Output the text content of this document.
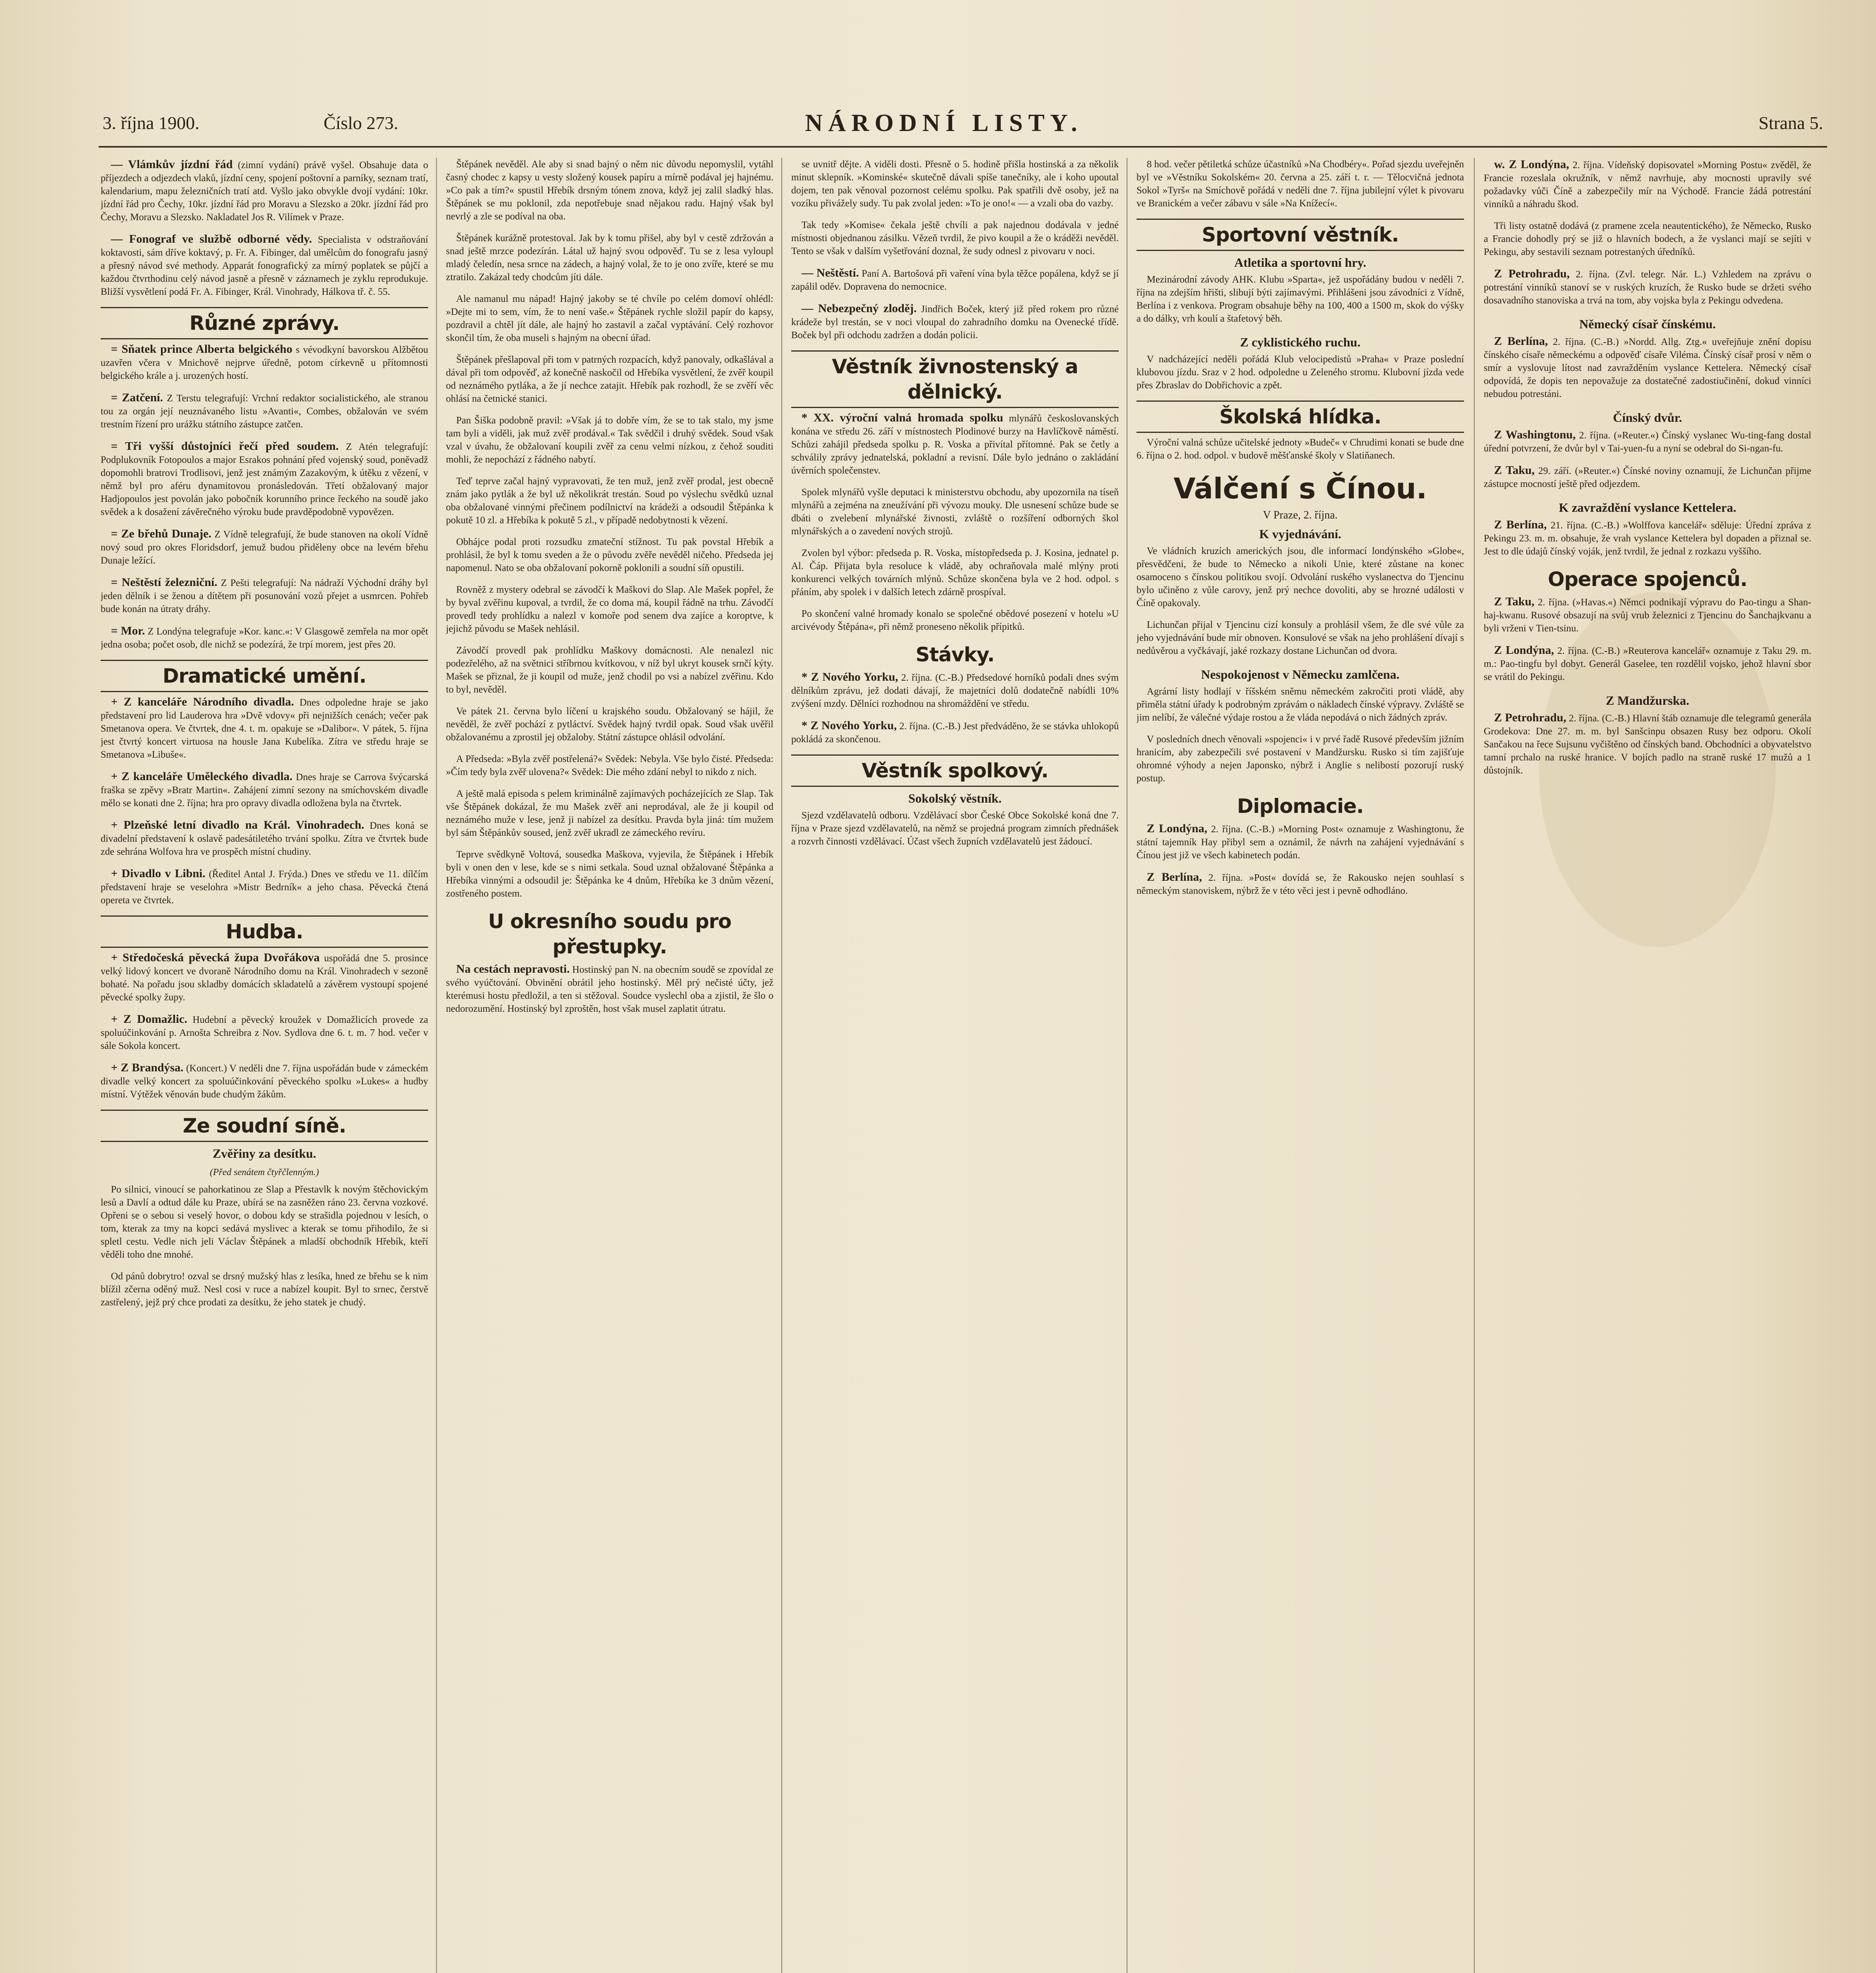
3. října 1900.	Číslo 273.	NÁRODNÍ LISTY.	Strana 5.

— Vlámkův jízdní řád (zimní vydání) právě vyšel. Obsahuje data o příjezdech a odjezdech vlaků, jízdní ceny, spojení poštovní a parníky, seznam tratí, kalendarium, mapu železničních tratí atd. Vyšlo jako obvykle dvojí vydání: 10kr. jízdní řád pro Čechy, 10kr. jízdní řád pro Moravu a Slezsko a 20kr. jízdní řád pro Čechy, Moravu a Slezsko. Nakladatel Jos R. Vilímek v Praze.

— Fonograf ve službě odborné vědy. Specialista v odstraňování koktavosti, sám dříve koktavý, p. Fr. A. Fibinger, dal umělcům do fonografu jasný a přesný návod své methody. Apparát fonografický za mírný poplatek se půjčí a každou čtvrthodinu celý návod jasně a přesně v záznamech je zyklu reprodukuje. Bližší vysvětlení podá Fr. A. Fibinger, Král. Vinohrady, Hálkova tř. č. 55.

Různé zprávy.

= Sňatek prince Alberta belgického s vévodkyní bavorskou Alžbětou uzavřen včera v Mnichově nejprve úředně, potom církevně u přítomnosti belgického krále a j. urozených hostí.

= Zatčení. Z Terstu telegrafují: Vrchní redaktor socialistického, ale stranou tou za orgán její neuznávaného listu »Avanti«, Combes, obžalován ve svém trestním řízení pro urážku státního zástupce zatčen.

= Tři vyšší důstojníci řečí před soudem. Z Atén telegrafují: Podplukovník Fotopoulos a major Esrakos pohnání před vojenský soud, poněvadž dopomohli bratrovi Trodlisovi, jenž jest známým Zazakovým, k útěku z vězení, v němž byl pro aféru dynamitovou pronásledován. Třetí obžalovaný major Hadjopoulos jest povolán jako pobočník korunního prince řeckého na soudě jako svědek a k dosažení závěrečného výroku bude pravděpodobně vypovězen.

= Ze břehů Dunaje. Z Vídně telegrafují, že bude stanoven na okolí Vídně nový soud pro okres Floridsdorf, jemuž budou přiděleny obce na levém břehu Dunaje ležící.

= Neštěstí železniční. Z Pešti telegrafují: Na nádraží Východní dráhy byl jeden dělník i se ženou a dítětem při posunování vozů přejet a usmrcen. Pohřeb bude konán na útraty dráhy.

= Mor. Z Londýna telegrafuje »Kor. kanc.«: V Glasgowě zemřela na mor opět jedna osoba; počet osob, dle nichž se podezírá, že trpí morem, jest přes 20.

Dramatické umění.

+ Z kanceláře Národního divadla. Dnes odpoledne hraje se jako představení pro lid Lauderova hra »Dvě vdovy« při nejnižších cenách; večer pak Smetanova opera. Ve čtvrtek, dne 4. t. m. opakuje se »Dalibor«. V pátek, 5. října jest čtvrtý koncert virtuosa na housle Jana Kubelíka. Zítra ve středu hraje se Smetanova »Libuše«.

+ Z kanceláře Uměleckého divadla. Dnes hraje se Carrova švýcarská fraška se zpěvy »Bratr Martin«. Zahájení zimní sezony na smíchovském divadle mělo se konati dne 2. října; hra pro opravy divadla odložena byla na čtvrtek.

+ Plzeňské letní divadlo na Král. Vinohradech. Dnes koná se divadelní představení k oslavě padesátiletého trvání spolku. Zítra ve čtvrtek bude zde sehrána Wolfova hra ve prospěch místní chudiny.

+ Divadlo v Libni. (Ředitel Antal J. Frýda.) Dnes ve středu ve 11. dílčím představení hraje se veselohra »Mistr Bedrník« a jeho chasa. Pěvecká čtená opereta ve čtvrtek.

Hudba.

+ Středočeská pěvecká župa Dvořákova uspořádá dne 5. prosince velký lidový koncert ve dvoraně Národního domu na Král. Vinohradech v sezoně bohaté. Na pořadu jsou skladby domácích skladatelů a závěrem vystoupí spojené pěvecké spolky župy.

+ Z Domažlic. Hudební a pěvecký kroužek v Domažlicích provede za spoluúčinkování p. Arnošta Schreibra z Nov. Sydlova dne 6. t. m. 7 hod. večer v sále Sokola koncert.

+ Z Brandýsa. (Koncert.) V neděli dne 7. října uspořádán bude v zámeckém divadle velký koncert za spoluúčinkování pěveckého spolku »Lukes« a hudby místní. Výtěžek věnován bude chudým žákům.

Ze soudní síně.
Zvěřiny za desítku.
(Před senátem čtyřčlenným.)

Po silnici, vinoucí se pahorkatinou ze Slap a Přestavlk k novým štěchovickým lesů a Davlí a odtud dále ku Praze, ubírá se na zasněžen ráno 23. června vozkové. Opřeni se o sebou si veselý hovor, o dobou kdy se strašidla pojednou v lesích, o tom, kterak za tmy na kopci sedává myslivec a kterak se tomu přihodilo, že si spletl cestu. Vedle nich jeli Václav Štěpánek a mladší obchodník Hřebík, kteří věděli toho dne mnohé.

Od pánů dobrytro! ozval se drsný mužský hlas z lesíka, hned ze břehu se k nim blížil zčerna oděný muž. Nesl cosi v ruce a nabízel koupit. Byl to srnec, čerstvě zastřelený, jejž prý chce prodati za desítku, že jeho statek je chudý.

Štěpánek nevěděl. Ale aby si snad bajný o něm nic důvodu nepomyslil, vytáhl časný chodec z kapsy u vesty složený kousek papíru a mírně podával jej hajnému. »Co pak a tím?« spustil Hřebík drsným tónem znova, když jej zalil sladký hlas. Štěpánek se mu poklonil, zda nepotřebuje snad nějakou radu. Hajný však byl nevrlý a zle se podíval na oba.

Štěpánek kurážně protestoval. Jak by k tomu přišel, aby byl v cestě zdržován a snad ještě mrzce podezírán. Látal už hajný svou odpověď. Tu se z lesa vyloupl mladý čeledín, nesa srnce na zádech, a hajný volal, že to je ono zvíře, které se mu ztratilo. Zakázal tedy chodcům jíti dále.

Ale namanul mu nápad! Hajný jakoby se té chvíle po celém domoví ohlédl: »Dejte mi to sem, vím, že to není vaše.« Štěpánek rychle složil papír do kapsy, pozdravil a chtěl jít dále, ale hajný ho zastavil a začal vyptávání. Celý rozhovor skončil tím, že oba museli s hajným na obecní úřad.

Štěpánek přešlapoval při tom v patrných rozpacích, když panovaly, odkašlával a dával při tom odpověď, až konečně naskočil od Hřebíka vysvětlení, že zvěř koupil od neznámého pytláka, a že jí nechce zatajit. Hřebík pak rozhodl, že se zvěří věc ohlásí na četnické stanici.

Pan Šiška podobně pravil: »Však já to dobře vím, že se to tak stalo, my jsme tam byli a viděli, jak muž zvěř prodával.« Tak svědčil i druhý svědek. Soud však vzal v úvahu, že obžalovaní koupili zvěř za cenu velmi nízkou, z čehož souditi mohli, že nepochází z řádného nabytí.

Teď teprve začal hajný vypravovati, že ten muž, jenž zvěř prodal, jest obecně znám jako pytlák a že byl už několikrát trestán. Soud po výslechu svědků uznal oba obžalované vinnými přečinem podílnictví na krádeži a odsoudil Štěpánka k pokutě 10 zl. a Hřebíka k pokutě 5 zl., v případě nedobytnosti k vězení.

Obhájce podal proti rozsudku zmateční stížnost. Tu pak povstal Hřebík a prohlásil, že byl k tomu sveden a že o původu zvěře nevěděl ničeho. Předseda jej napomenul. Nato se oba obžalovaní pokorně poklonili a soudní síň opustili.

Rovněž z mystery odebral se závodčí k Maškovi do Slap. Ale Mašek popřel, že by byval zvěřinu kupoval, a tvrdil, že co doma má, koupil řádně na trhu. Závodčí provedl tedy prohlídku a nalezl v komoře pod senem dva zajíce a koroptve, k jejichž původu se Mašek nehlásil.

Závodčí provedl pak prohlídku Maškovy domácnosti. Ale nenalezl nic podezřelého, až na světnici stříbrnou kvítkovou, v níž byl ukryt kousek srnčí kýty. Mašek se přiznal, že ji koupil od muže, jenž chodil po vsi a nabízel zvěřinu. Kdo to byl, nevěděl.

Ve pátek 21. června bylo líčení u krajského soudu. Obžalovaný se hájil, že nevěděl, že zvěř pochází z pytláctví. Svědek hajný tvrdil opak. Soud však uvěřil obžalovanému a zprostil jej obžaloby. Státní zástupce ohlásil odvolání.

A Předseda: »Byla zvěř postřelená?« Svědek: Nebyla. Vše bylo čisté. Předseda: »Čím tedy byla zvěř ulovena?« Svědek: Die mého zdání nebyl to nikdo z nich.

A ještě malá episoda s pelem kriminálně zajímavých pocházejících ze Slap. Tak vše Štěpánek dokázal, že mu Mašek zvěř ani neprodával, ale že ji koupil od neznámého muže v lese, jenž ji nabízel za desítku. Pravda byla jiná: tím mužem byl sám Štěpánkův soused, jenž zvěř ukradl ze zámeckého revíru.

Teprve svědkyně Voltová, sousedka Maškova, vyjevila, že Štěpánek i Hřebík byli v onen den v lese, kde se s nimi setkala. Soud uznal obžalované Štěpánka a Hřebíka vinnými a odsoudil je: Štěpánka ke 4 dnům, Hřebíka ke 3 dnům vězení, zostřeného postem.

U okresního soudu pro přestupky.

Na cestách nepravosti. Hostinský pan N. na obecním soudě se zpovídal ze svého vyúčtování. Obvinění obrátil jeho hostinský. Měl prý nečisté účty, jež kterémusi hostu předložil, a ten si stěžoval. Soudce vyslechl oba a zjistil, že šlo o nedorozumění. Hostinský byl zproštěn, host však musel zaplatit útratu.

se uvnitř dějte. A viděli dosti. Přesně o 5. hodině přišla hostinská a za několik minut sklepník. »Kominské« skutečně dávali spíše tanečníky, ale i koho upoutal dojem, ten pak věnoval pozornost celému spolku. Pak spatřili dvě osoby, jež na vozíku přivážely sudy. Tu pak zvolal jeden: »To je ono!« — a vzali oba do vazby.

Tak tedy »Komise« čekala ještě chvíli a pak najednou dodávala v jedné místnosti objednanou zásilku. Vězeň tvrdil, že pivo koupil a že o kráděži nevěděl. Tento se však v dalším vyšetřování doznal, že sudy odnesl z pivovaru v noci.

— Neštěstí. Paní A. Bartošová při vaření vína byla těžce popálena, když se jí zapálil oděv. Dopravena do nemocnice.

— Nebezpečný zloděj. Jindřich Boček, který již před rokem pro různé krádeže byl trestán, se v noci vloupal do zahradního domku na Ovenecké třídě. Boček byl při odchodu zadržen a dodán policii.

Věstník živnostenský a dělnický.

* XX. výroční valná hromada spolku mlynářů českoslovanských konána ve středu 26. září v místnostech Plodinové burzy na Havlíčkově náměstí. Schůzi zahájil předseda spolku p. R. Voska a přivítal přítomné. Pak se četly a schválily zprávy jednatelská, pokladní a revisní. Dále bylo jednáno o zakládání úvěrních společenstev.

Spolek mlynářů vyšle deputaci k ministerstvu obchodu, aby upozornila na tíseň mlynářů a zejména na zneužívání při vývozu mouky. Dle usnesení schůze bude se dbáti o zvelebení mlynářské živnosti, zvláště o rozšíření odborných škol mlynářských a o zavedení nových strojů.

Zvolen byl výbor: předseda p. R. Voska, místopředseda p. J. Kosina, jednatel p. Al. Čáp. Přijata byla resoluce k vládě, aby ochraňovala malé mlýny proti konkurenci velkých továrních mlýnů. Schůze skončena byla ve 2 hod. odpol. s přáním, aby spolek i v dalších letech zdárně prospíval.

Po skončení valné hromady konalo se společné obědové posezení v hotelu »U arcivévody Štěpána«, při němž proneseno několik přípitků.

Stávky.

* Z Nového Yorku, 2. října. (C.-B.) Předsedové horníků podali dnes svým dělníkům zprávu, jež dodati dávají, že majetníci dolů dodatečně nabídli 10% zvýšení mzdy. Dělníci rozhodnou na shromáždění ve středu.

* Z Nového Yorku, 2. října. (C.-B.) Jest předváděno, že se stávka uhlokopů pokládá za skončenou.

Věstník spolkový.
Sokolský věstník.

Sjezd vzdělavatelů odboru. Vzdělávací sbor České Obce Sokolské koná dne 7. října v Praze sjezd vzdělavatelů, na němž se projedná program zimních přednášek a rozvrh činnosti vzdělávací. Účast všech župních vzdělavatelů jest žádoucí.

8 hod. večer pětiletká schůze účastníků »Na Chodbéry«. Pořad sjezdu uveřejněn byl ve »Věstníku Sokolském« 20. června a 25. září t. r. — Tělocvičná jednota Sokol »Tyrš« na Smíchově pořádá v neděli dne 7. října jubilejní výlet k pivovaru ve Branickém a večer zábavu v sále »Na Knížecí«.

Sportovní věstník.
Atletika a sportovní hry.

Mezinárodní závody AHK. Klubu »Sparta«, jež uspořádány budou v neděli 7. října na zdejším hřišti, slibují býti zajímavými. Přihlášeni jsou závodníci z Vídně, Berlína i z venkova. Program obsahuje běhy na 100, 400 a 1500 m, skok do výšky a do dálky, vrh koulí a štafetový běh.

Z cyklistického ruchu.

V nadcházející neděli pořádá Klub velocipedistů »Praha« v Praze poslední klubovou jízdu. Sraz v 2 hod. odpoledne u Zeleného stromu. Klubovní jízda vede přes Zbraslav do Dobřichovic a zpět.

Školská hlídka.

Výroční valná schůze učitelské jednoty »Budeč« v Chrudimi konati se bude dne 6. října o 2. hod. odpol. v budově měšťanské školy v Slatiňanech.

Válčení s Čínou.
V Praze, 2. října.
K vyjednávání.

Ve vládních kruzích amerických jsou, dle informací londýnského »Globe«, přesvědčeni, že bude to Německo a nikoli Unie, které zůstane na konec osamoceno s čínskou politikou svojí. Odvolání ruského vyslanectva do Tjencinu bylo učiněno z vůle carovy, jenž prý nechce dovoliti, aby se hrozné události v Číně opakovaly.

Lichunčan přijal v Tjencinu cizí konsuly a prohlásil všem, že dle své vůle za jeho vyjednávání bude mír obnoven. Konsulové se však na jeho prohlášení dívají s nedůvěrou a vyčkávají, jaké rozkazy dostane Lichunčan od dvora.

Nespokojenost v Německu zamlčena.

Agrární listy hodlají v říšském sněmu německém zakročiti proti vládě, aby přiměla státní úřady k podrobným zprávám o nákladech čínské výpravy. Zvláště se jim nelíbí, že válečné výdaje rostou a že vláda nepodává o nich žádných zpráv.

V posledních dnech věnovali »spojenci« i v prvé řadě Rusové především jižním hranicím, aby zabezpečili své postavení v Mandžursku. Rusko si tím zajišťuje ohromné výhody a nejen Japonsko, nýbrž i Anglie s nelibostí pozorují ruský postup.

Diplomacie.

Z Londýna, 2. října. (C.-B.) »Morning Post« oznamuje z Washingtonu, že státní tajemník Hay přibyl sem a oznámil, že návrh na zahájení vyjednávání s Čínou jest již ve všech kabinetech podán.

Z Berlína, 2. října. »Post« dovídá se, že Rakousko nejen souhlasí s německým stanoviskem, nýbrž že v této věci jest i pevně odhodláno.

w. Z Londýna, 2. října. Vídeňský dopisovatel »Morning Postu« zvěděl, že Francie rozeslala okružník, v němž navrhuje, aby mocnosti upravily své požadavky vůči Číně a zabezpečily mír na Východě. Francie žádá potrestání vinníků a náhradu škod.

Tři listy ostatně dodává (z pramene zcela neautentického), že Německo, Rusko a Francie dohodly prý se již o hlavních bodech, a že vyslanci mají se sejíti v Pekingu, aby sestavili seznam potrestaných úředníků.

Z Petrohradu, 2. října. (Zvl. telegr. Nár. L.) Vzhledem na zprávu o potrestání vinníků stanoví se v ruských kruzích, že Rusko bude se držeti svého dosavadního stanoviska a trvá na tom, aby vojska byla z Pekingu odvedena.

Německý císař čínskému.

Z Berlína, 2. října. (C.-B.) »Nordd. Allg. Ztg.« uveřejňuje znění dopisu čínského císaře německému a odpověď císaře Viléma. Čínský císař prosí v něm o smír a vyslovuje lítost nad zavražděním vyslance Kettelera. Německý císař odpovídá, že dopis ten nepovažuje za dostatečné zadostiučinění, dokud vinníci nebudou potrestáni.

Čínský dvůr.

Z Washingtonu, 2. října. (»Reuter.«) Čínský vyslanec Wu-ting-fang dostal úřední potvrzení, že dvůr byl v Tai-yuen-fu a nyní se odebral do Si-ngan-fu.

Z Taku, 29. září. (»Reuter.«) Čínské noviny oznamují, že Lichunčan přijme zástupce mocností ještě před odjezdem.

K zavraždění vyslance Kettelera.

Z Berlína, 21. října. (C.-B.) »Wolffova kancelář« sděluje: Úřední zpráva z Pekingu 23. m. m. obsahuje, že vrah vyslance Kettelera byl dopaden a přiznal se. Jest to dle údajů čínský voják, jenž tvrdil, že jednal z rozkazu vyššího.

Operace spojenců.

Z Taku, 2. října. (»Havas.«) Němci podnikají výpravu do Pao-tingu a Shan-haj-kwanu. Rusové obsazují na svůj vrub železnici z Tjencinu do Šanchajkvanu a byli vrženi v Tien-tsinu.

Z Londýna, 2. října. (C.-B.) »Reuterova kancelář« oznamuje z Taku 29. m. m.: Pao-tingfu byl dobyt. Generál Gaselee, ten rozdělil vojsko, jehož hlavní sbor se vrátil do Pekingu.

Z Mandžurska.

Z Petrohradu, 2. října. (C.-B.) Hlavní štáb oznamuje dle telegramů generála Grodekova: Dne 27. m. m. byl Sanšcinpu obsazen Rusy bez odporu. Okolí Sančakou na řece Sujsunu vyčištěno od čínských band. Obchodníci a obyvatelstvo tamní prchalo na ruské hranice. V bojích padlo na straně ruské 17 mužů a 1 důstojník.
